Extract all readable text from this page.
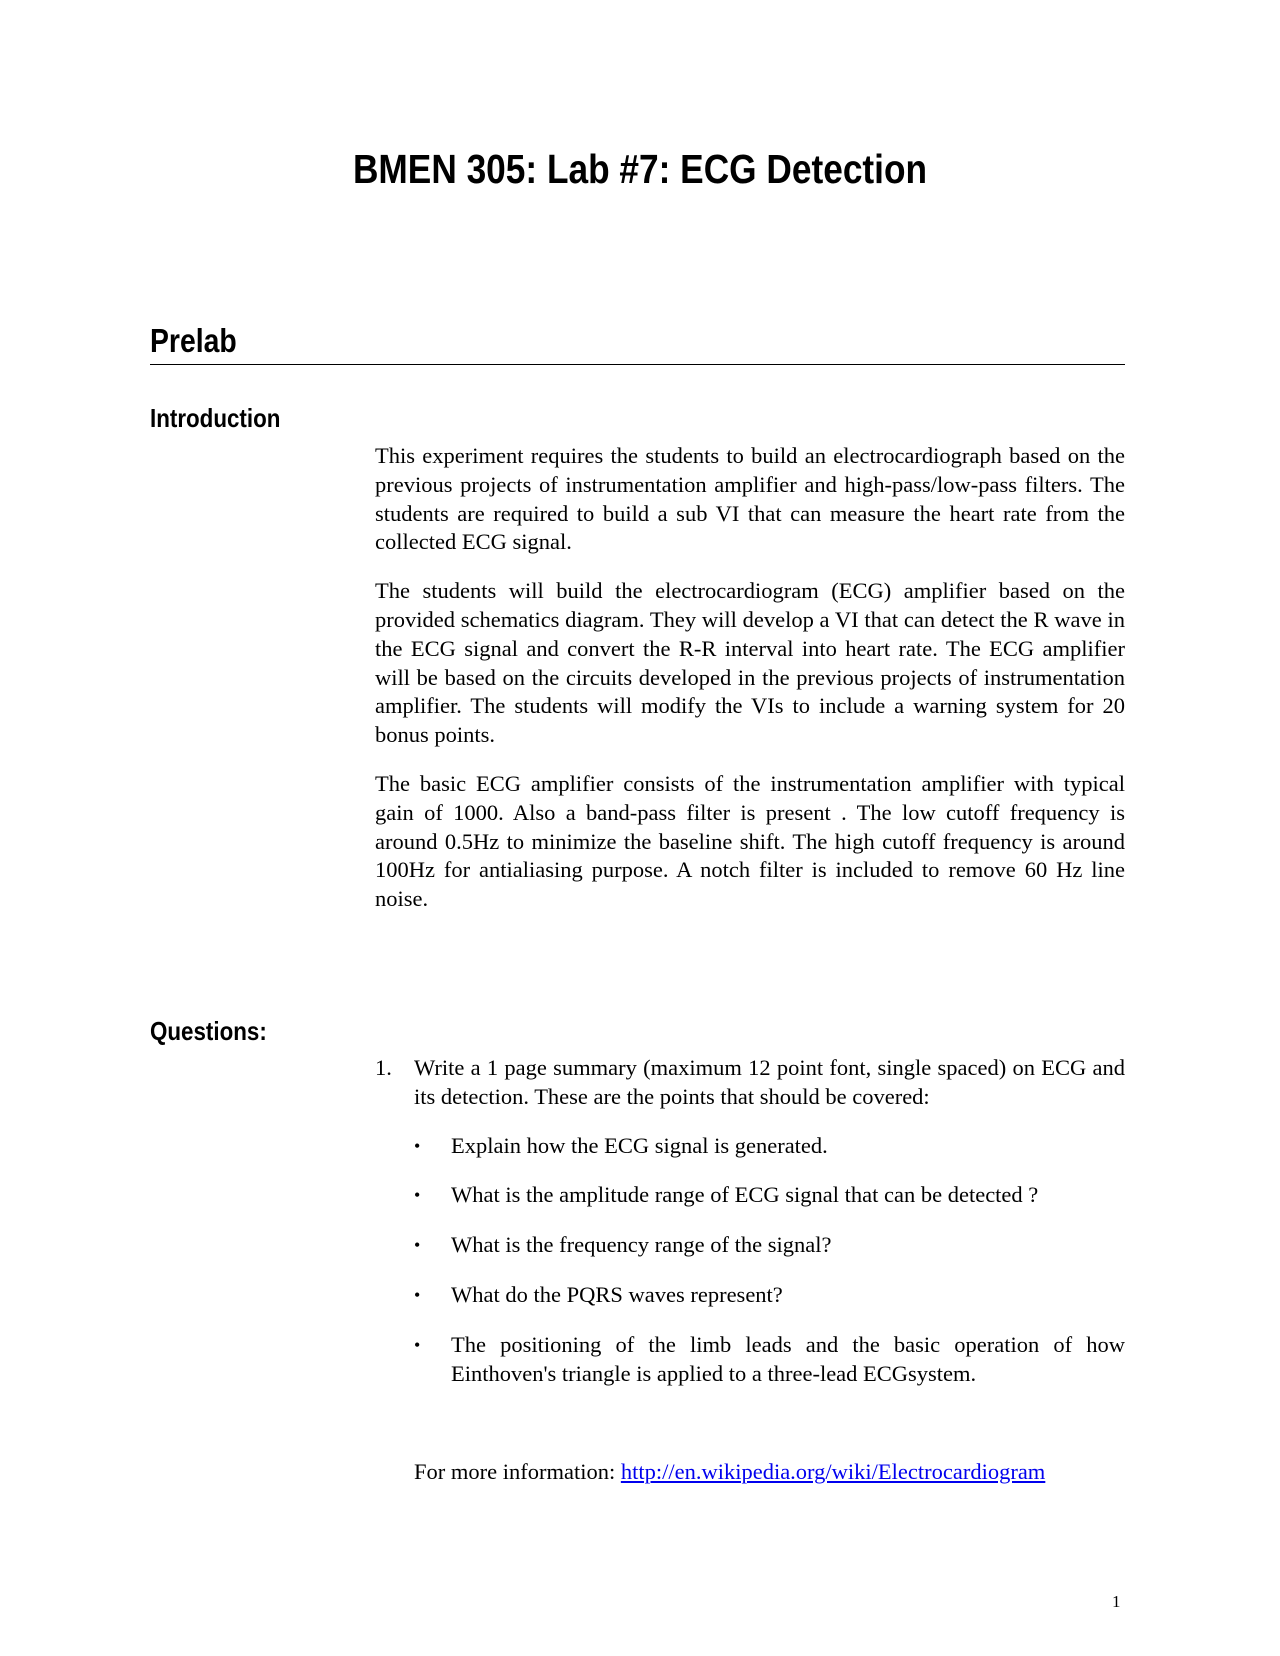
BMEN 305: Lab #7: ECG Detection
Prelab
Introduction

This experiment requires the students to build an electrocardiograph based on the previous projects of instrumentation amplifier and high-pass/low-pass filters. The students are required to build a sub VI that can measure the heart rate from the collected ECG signal.

The students will build the electrocardiogram (ECG) amplifier based on the provided schematics diagram. They will develop a VI that can detect the R wave in the ECG signal and convert the R-R interval into heart rate. The ECG amplifier will be based on the circuits developed in the previous projects of instrumentation amplifier. The students will modify the VIs to include a warning system for 20 bonus points.

The basic ECG amplifier consists of the instrumentation amplifier with typical gain of 1000. Also a band-pass filter is present . The low cutoff frequency is around 0.5Hz to minimize the baseline shift. The high cutoff frequency is around 100Hz for antialiasing purpose. A notch filter is included to remove 60 Hz line noise.

Questions:
1. Write a 1 page summary (maximum 12 point font, single spaced) on ECG and its detection. These are the points that should be covered:
•	Explain how the ECG signal is generated.
•	What is the amplitude range of ECG signal that can be detected ?
•	What is the frequency range of the signal?
•	What do the PQRS waves represent?
•	The positioning of the limb leads and the basic operation of how Einthoven's triangle is applied to a three-lead ECGsystem.
For more information: http://en.wikipedia.org/wiki/Electrocardiogram
1
